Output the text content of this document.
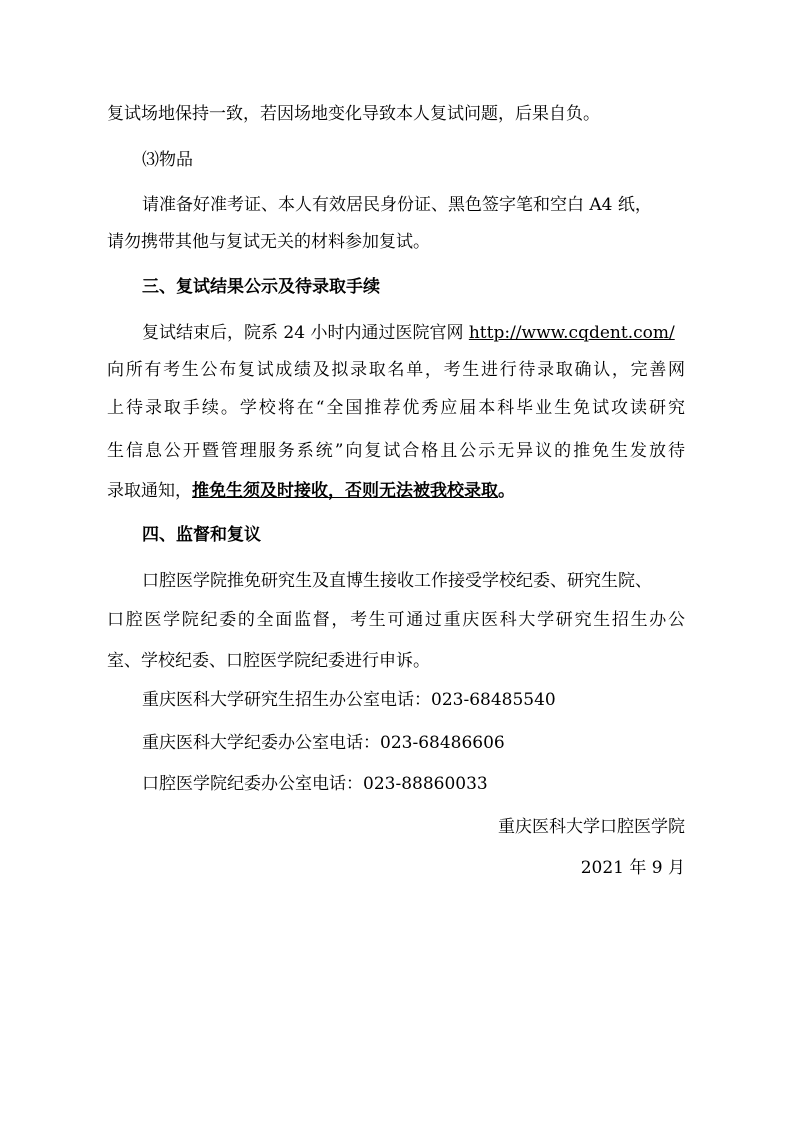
复试场地保持一致，若因场地变化导致本人复试问题，后果自负。
⑶物品
请准备好准考证、本人有效居民身份证、黑色签字笔和空白 A4 纸，
请勿携带其他与复试无关的材料参加复试。
三、复试结果公示及待录取手续
复试结束后，院系 24 小时内通过医院官网 http://www.cqdent.com/
向所有考生公布复试成绩及拟录取名单，考生进行待录取确认，完善网
上待录取手续。学校将在“全国推荐优秀应届本科毕业生免试攻读研究
生信息公开暨管理服务系统”向复试合格且公示无异议的推免生发放待
录取通知，推免生须及时接收，否则无法被我校录取。
四、监督和复议
口腔医学院推免研究生及直博生接收工作接受学校纪委、研究生院、
口腔医学院纪委的全面监督，考生可通过重庆医科大学研究生招生办公
室、学校纪委、口腔医学院纪委进行申诉。
重庆医科大学研究生招生办公室电话：023-68485540
重庆医科大学纪委办公室电话：023-68486606
口腔医学院纪委办公室电话：023-88860033
重庆医科大学口腔医学院
2021 年 9 月
